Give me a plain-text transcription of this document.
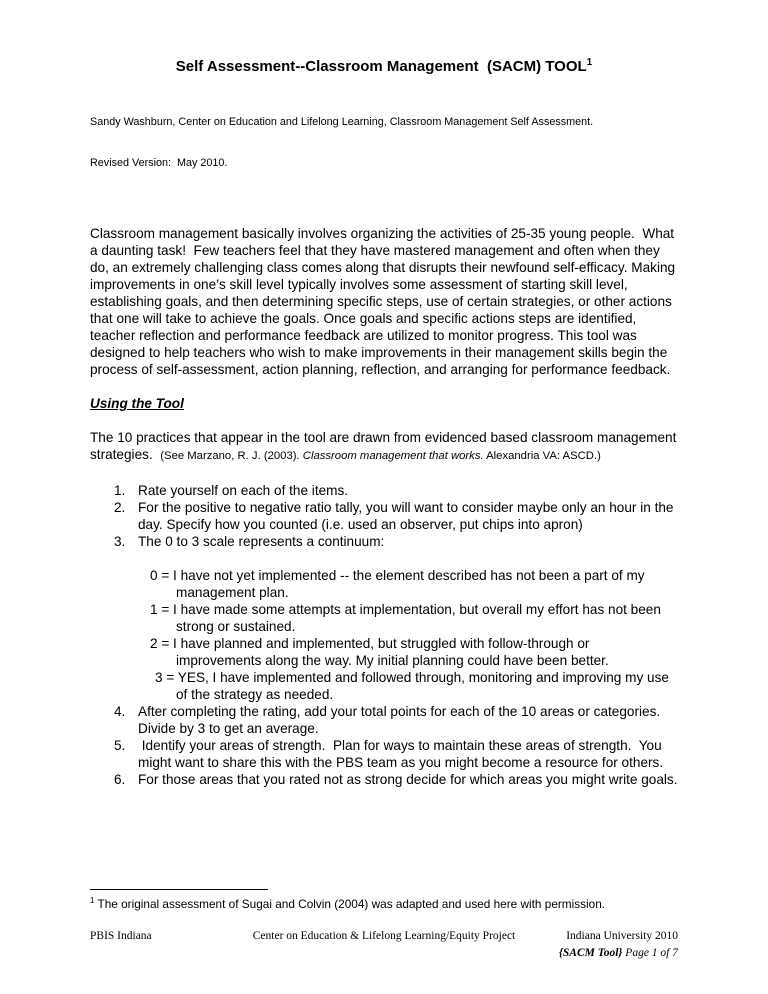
Self Assessment--Classroom Management  (SACM) TOOL$^1$

Sandy Washburn, Center on Education and Lifelong Learning, Classroom Management Self Assessment.

Revised Version:  May 2010.

Classroom management basically involves organizing the activities of 25-35 young people.  What a daunting task!  Few teachers feel that they have mastered management and often when they do, an extremely challenging class comes along that disrupts their newfound self-efficacy. Making improvements in one’s skill level typically involves some assessment of starting skill level, establishing goals, and then determining specific steps, use of certain strategies, or other actions that one will take to achieve the goals. Once goals and specific actions steps are identified, teacher reflection and performance feedback are utilized to monitor progress. This tool was designed to help teachers who wish to make improvements in their management skills begin the process of self-assessment, action planning, reflection, and arranging for performance feedback.

Using the Tool

The 10 practices that appear in the tool are drawn from evidenced based classroom management strategies.  (See Marzano, R. J. (2003). Classroom management that works. Alexandria VA: ASCD.)

1. Rate yourself on each of the items.
2. For the positive to negative ratio tally, you will want to consider maybe only an hour in the day. Specify how you counted (i.e. used an observer, put chips into apron)
3. The 0 to 3 scale represents a continuum:
0 = I have not yet implemented -- the element described has not been a part of my management plan.
1 = I have made some attempts at implementation, but overall my effort has not been strong or sustained.
2 = I have planned and implemented, but struggled with follow-through or improvements along the way. My initial planning could have been better.
3 = YES, I have implemented and followed through, monitoring and improving my use of the strategy as needed.
4. After completing the rating, add your total points for each of the 10 areas or categories. Divide by 3 to get an average.
5. Identify your areas of strength.  Plan for ways to maintain these areas of strength.  You might want to share this with the PBS team as you might become a resource for others.
6. For those areas that you rated not as strong decide for which areas you might write goals.

$^1$ The original assessment of Sugai and Colvin (2004) was adapted and used here with permission.

PBIS Indiana	Center on Education & Lifelong Learning/Equity Project	Indiana University 2010
{SACM Tool} Page 1 of 7
